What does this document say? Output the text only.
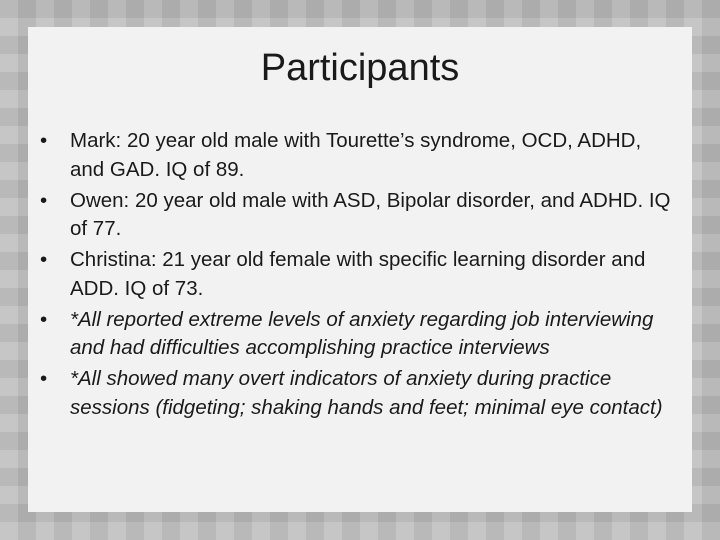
Participants
•	Mark: 20 year old male with Tourette’s syndrome, OCD, ADHD, and GAD. IQ of 89.
•	Owen: 20 year old male with ASD, Bipolar disorder, and ADHD. IQ of 77.
•	Christina: 21 year old female with specific learning disorder and ADD. IQ of 73.
•	*All reported extreme levels of anxiety regarding job interviewing and had difficulties accomplishing practice interviews
•	*All showed many overt indicators of anxiety during practice sessions (fidgeting; shaking hands and feet; minimal eye contact)
